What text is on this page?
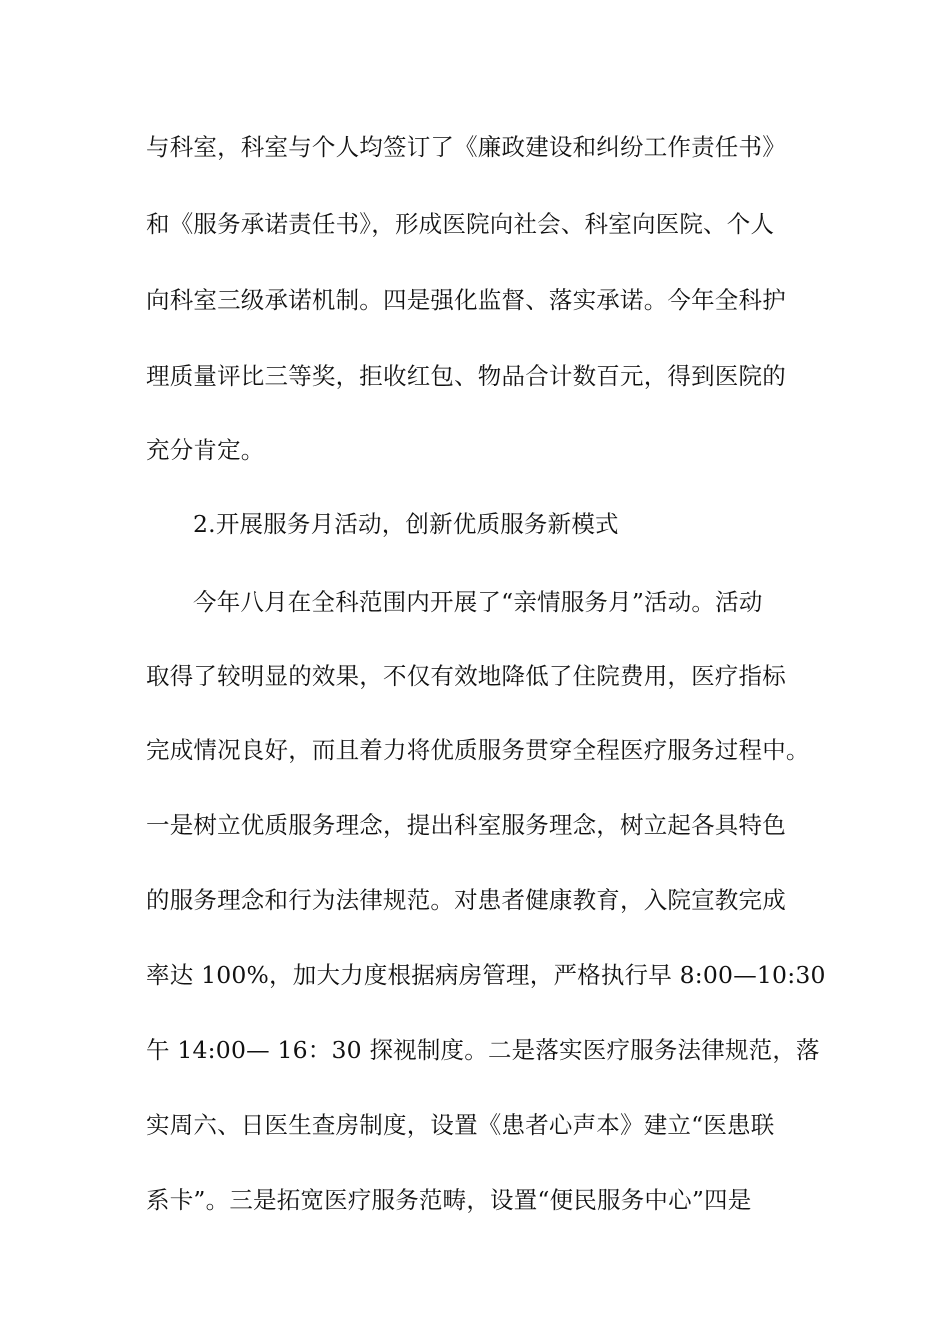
与科室，科室与个人均签订了《廉政建设和纠纷工作责任书》
和《服务承诺责任书》，形成医院向社会、科室向医院、个人
向科室三级承诺机制。四是强化监督、落实承诺。今年全科护
理质量评比三等奖，拒收红包、物品合计数百元，得到医院的
充分肯定。
2.开展服务月活动，创新优质服务新模式
今年八月在全科范围内开展了“亲情服务月”活动。活动
取得了较明显的效果，不仅有效地降低了住院费用，医疗指标
完成情况良好，而且着力将优质服务贯穿全程医疗服务过程中。
一是树立优质服务理念，提出科室服务理念，树立起各具特色
的服务理念和行为法律规范。对患者健康教育，入院宣教完成
率达 100%，加大力度根据病房管理，严格执行早 8:00—10:30
午 14:00— 16：30 探视制度。二是落实医疗服务法律规范，落
实周六、日医生查房制度，设置《患者心声本》建立“医患联
系卡”。三是拓宽医疗服务范畴，设置“便民服务中心”四是
